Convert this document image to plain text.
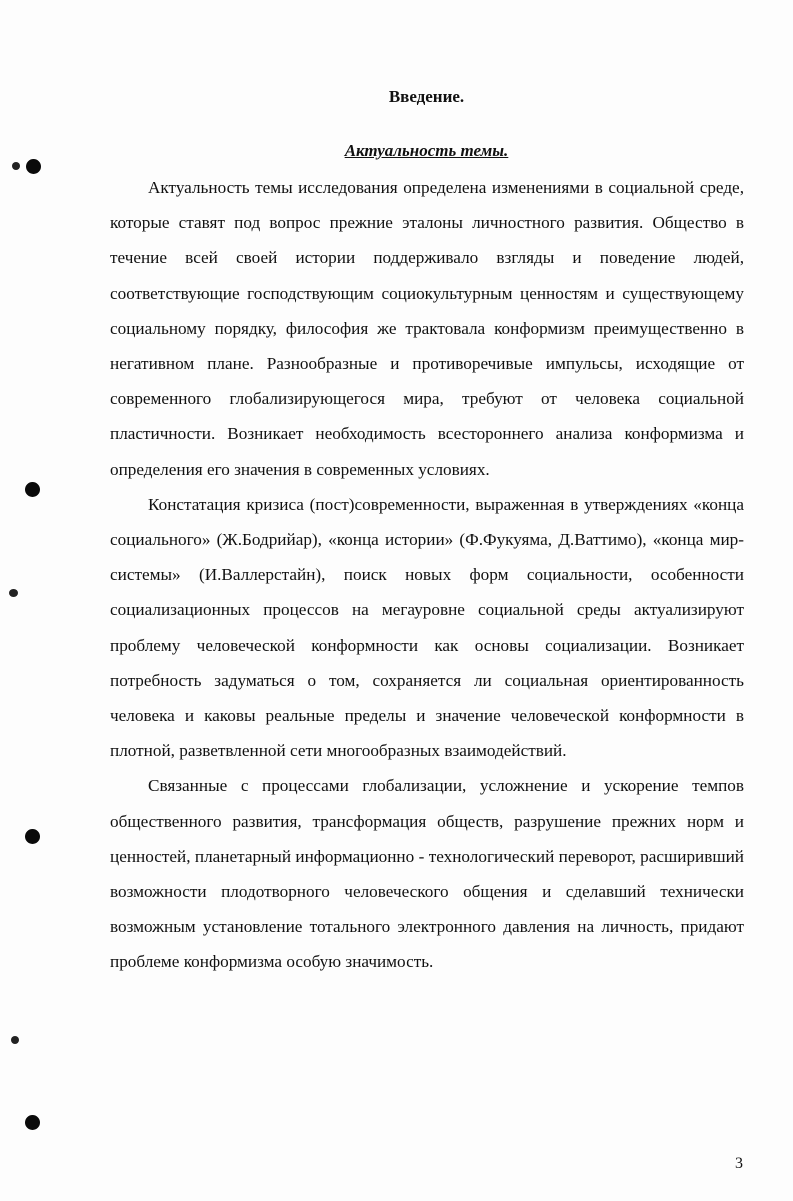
Введение.
Актуальность темы.

Актуальность темы исследования определена изменениями в социальной среде, которые ставят под вопрос прежние эталоны личностного развития. Общество в течение всей своей истории поддерживало взгляды и поведение людей, соответствующие господствующим социокультурным ценностям и существующему социальному порядку, философия же трактовала конформизм преимущественно в негативном плане. Разнообразные и противоречивые импульсы, исходящие от современного глобализирующегося мира, требуют от человека социальной пластичности. Возникает необходимость всестороннего анализа конформизма и определения его значения в современных условиях.

Констатация кризиса (пост)современности, выраженная в утверждениях «конца социального» (Ж.Бодрийар), «конца истории» (Ф.Фукуяма, Д.Ваттимо), «конца мир-системы» (И.Валлерстайн), поиск новых форм социальности, особенности социализационных процессов на мегауровне социальной среды актуализируют проблему человеческой конформности как основы социализации. Возникает потребность задуматься о том, сохраняется ли социальная ориентированность человека и каковы реальные пределы и значение человеческой конформности в плотной, разветвленной сети многообразных взаимодействий.

Связанные с процессами глобализации, усложнение и ускорение темпов общественного развития, трансформация обществ, разрушение прежних норм и ценностей, планетарный информационно - технологический переворот, расширивший возможности плодотворного человеческого общения и сделавший технически возможным установление тотального электронного давления на личность, придают проблеме конформизма особую значимость.

3
